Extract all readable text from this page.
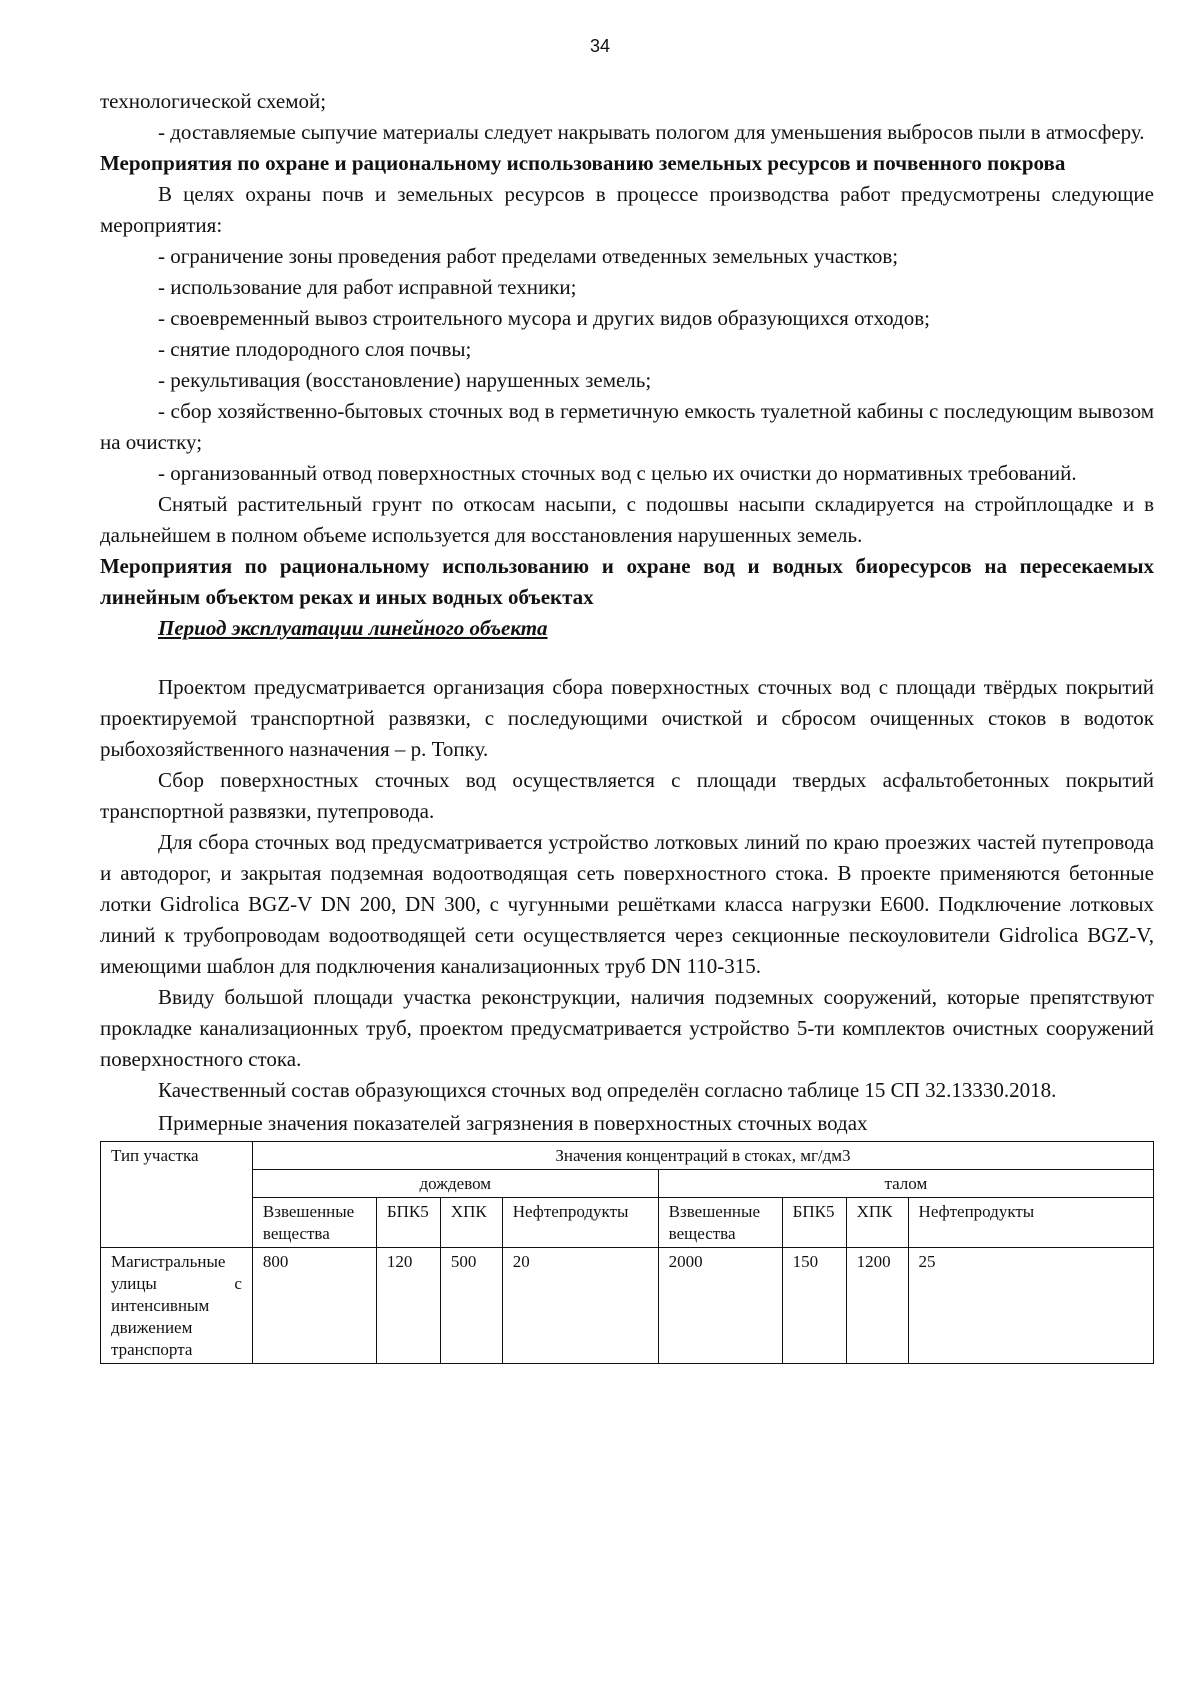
34

технологической схемой;

- доставляемые сыпучие материалы следует накрывать пологом для уменьшения выбросов пыли в атмосферу.

Мероприятия по охране и рациональному использованию земельных ресурсов и почвенного покрова

В целях охраны почв и земельных ресурсов в процессе производства работ предусмотрены следующие мероприятия:

- ограничение зоны проведения работ пределами отведенных земельных участков;

- использование для работ исправной техники;

- своевременный вывоз строительного мусора и других видов образующихся отходов;

- снятие плодородного слоя почвы;

- рекультивация (восстановление) нарушенных земель;

- сбор хозяйственно-бытовых сточных вод в герметичную емкость туалетной кабины с последующим вывозом на очистку;

- организованный отвод поверхностных сточных вод с целью их очистки до нормативных требований.

Снятый растительный грунт по откосам насыпи, с подошвы насыпи складируется на стройплощадке и в дальнейшем в полном объеме используется для восстановления нарушенных земель.

Мероприятия по рациональному использованию и охране вод и водных биоресурсов на пересекаемых линейным объектом реках и иных водных объектах

Период эксплуатации линейного объекта

Проектом предусматривается организация сбора поверхностных сточных вод с площади твёрдых покрытий проектируемой транспортной развязки, с последующими очисткой и сбросом очищенных стоков в водоток рыбохозяйственного назначения – р. Топку.

Сбор поверхностных сточных вод осуществляется с площади твердых асфальтобетонных покрытий транспортной развязки, путепровода.

Для сбора сточных вод предусматривается устройство лотковых линий по краю проезжих частей путепровода и автодорог, и закрытая подземная водоотводящая сеть поверхностного стока. В проекте применяются бетонные лотки Gidrolica BGZ-V DN 200, DN 300, с чугунными решётками класса нагрузки Е600. Подключение лотковых линий к трубопроводам водоотводящей сети осуществляется через секционные пескоуловители Gidrolica BGZ-V, имеющими шаблон для подключения канализационных труб DN 110-315.

Ввиду большой площади участка реконструкции, наличия подземных сооружений, которые препятствуют прокладке канализационных труб, проектом предусматривается устройство 5-ти комплектов очистных сооружений поверхностного стока.

Качественный состав образующихся сточных вод определён согласно таблице 15 СП 32.13330.2018.

Примерные значения показателей загрязнения в поверхностных сточных водах

Тип участка	Значения концентраций в стоках, мг/дм3							
	дождевом				талом			
	Взвешенные вещества	БПК5	ХПК	Нефтепродукты	Взвешенные вещества	БПК5	ХПК	Нефтепродукты

Магистральные
улицы с
интенсивным
движением
транспорта	800	120	500	20	2000	150	1200	25
